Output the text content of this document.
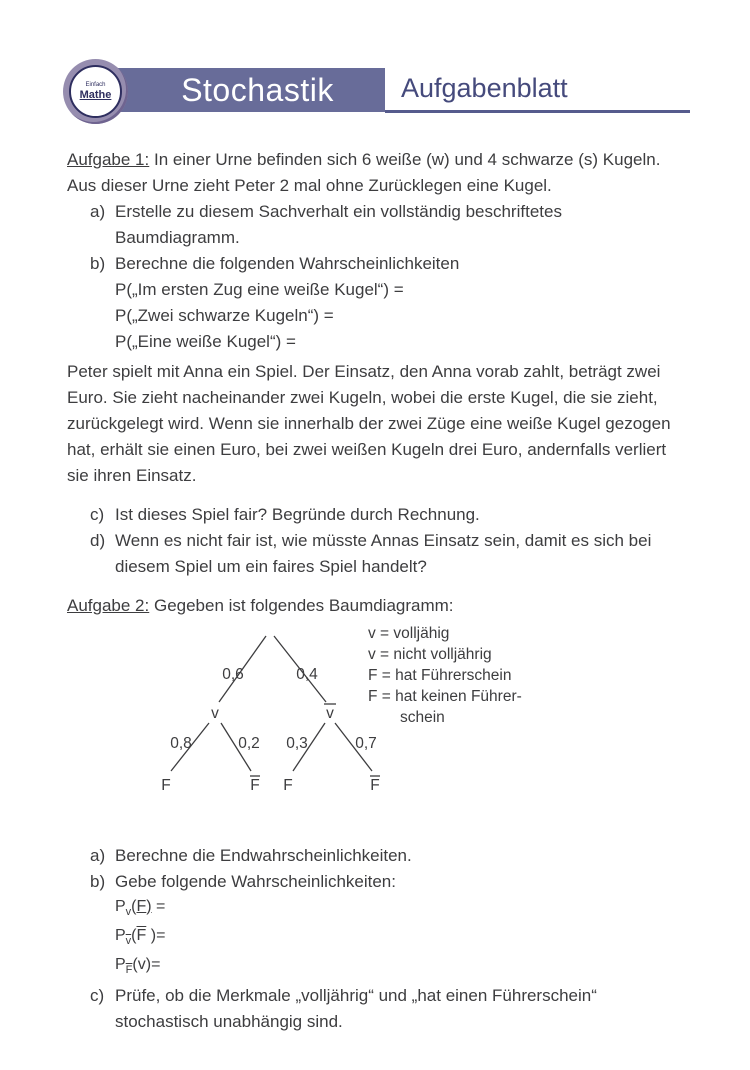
Stochastik Aufgabenblatt
Einfach
Mathe

Aufgabe 1: In einer Urne befinden sich 6 weiße (w) und 4 schwarze (s) Kugeln. Aus dieser Urne zieht Peter 2 mal ohne Zurücklegen eine Kugel.

a) Erstelle zu diesem Sachverhalt ein vollständig beschriftetes Baumdiagramm.
b) Berechne die folgenden Wahrscheinlichkeiten
P(„Im ersten Zug eine weiße Kugel“) =
P(„Zwei schwarze Kugeln“) =
P(„Eine weiße Kugel“) =

Peter spielt mit Anna ein Spiel. Der Einsatz, den Anna vorab zahlt, beträgt zwei Euro. Sie zieht nacheinander zwei Kugeln, wobei die erste Kugel, die sie zieht, zurückgelegt wird. Wenn sie innerhalb der zwei Züge eine weiße Kugel gezogen hat, erhält sie einen Euro, bei zwei weißen Kugeln drei Euro, andernfalls verliert sie ihren Einsatz.

c) Ist dieses Spiel fair? Begründe durch Rechnung.
d) Wenn es nicht fair ist, wie müsste Annas Einsatz sein, damit es sich bei diesem Spiel um ein faires Spiel handelt?

Aufgabe 2: Gegeben ist folgendes Baumdiagramm:

0,6	0,4
0,8	0,2 0,3	0,7
v	v
F	F F	F
v = volljähig
v = nicht volljährig
F = hat Führerschein
F = hat keinen Führer-
schein
a) Berechne die Endwahrscheinlichkeiten.
b) Gebe folgende Wahrscheinlichkeiten:
$P_v(F)$ =
$P_{\overline{v}}(\overline{F}$ )=
$P_{\overline{F}}(v)=$
c) Prüfe, ob die Merkmale „volljährig“ und „hat einen Führerschein“ stochastisch unabhängig sind.
